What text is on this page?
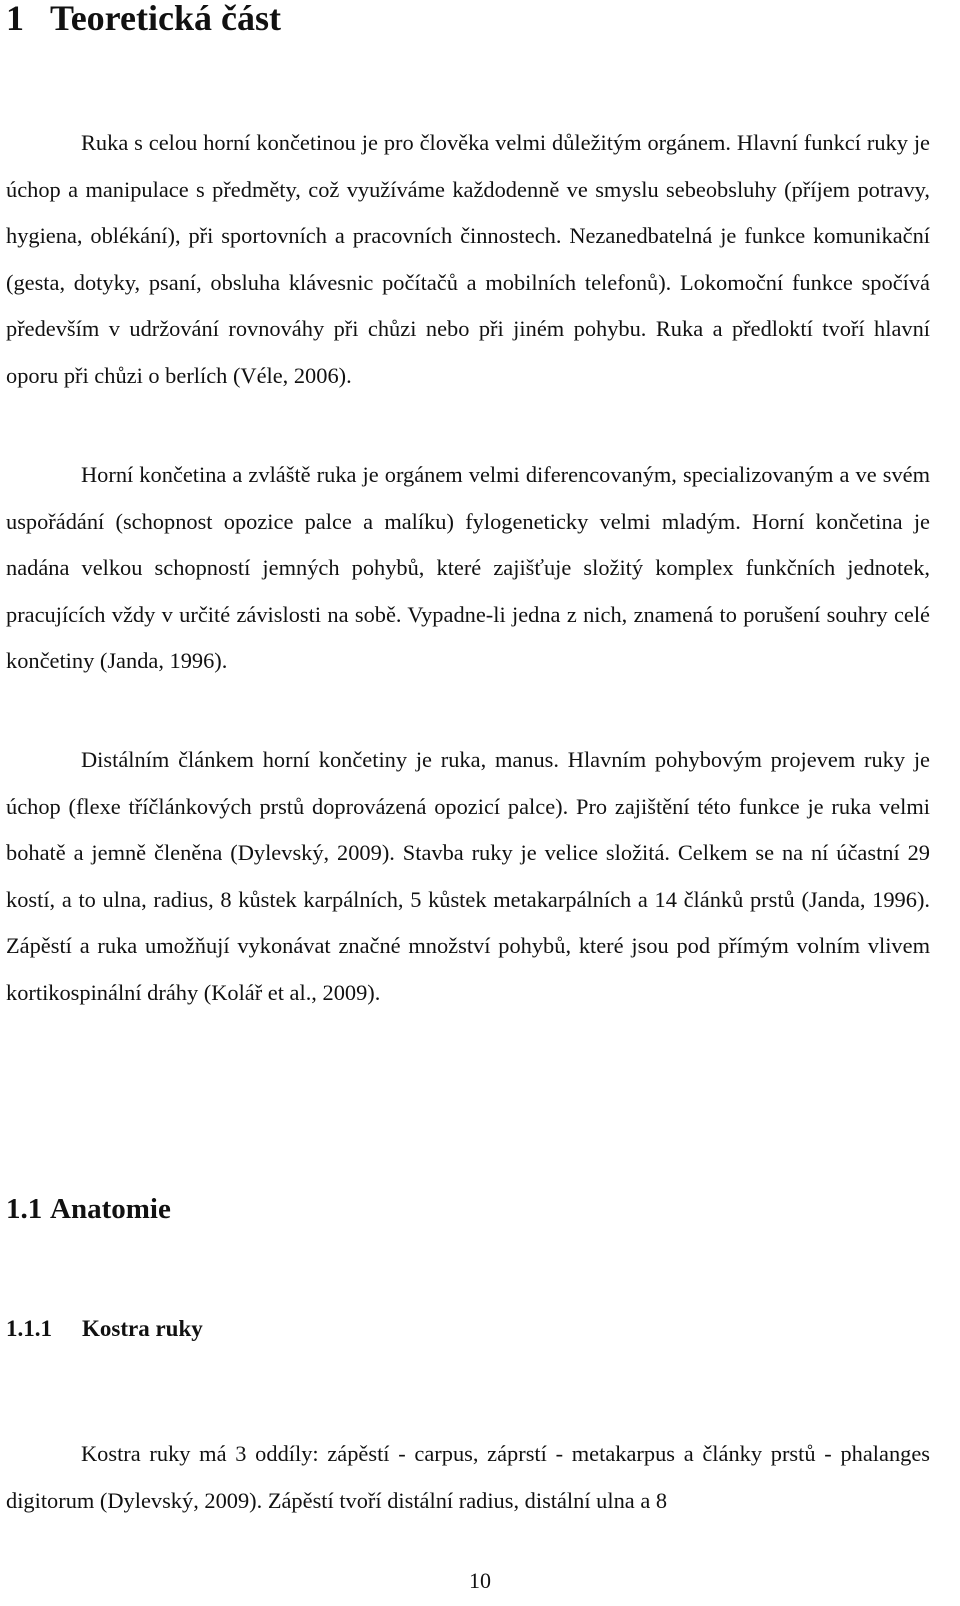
1 Teoretická část

Ruka s celou horní končetinou je pro člověka velmi důležitým orgánem. Hlavní funkcí ruky je úchop a manipulace s předměty, což využíváme každodenně ve smyslu sebeobsluhy (příjem potravy, hygiena, oblékání), při sportovních a pracovních činnostech. Nezanedbatelná je funkce komunikační (gesta, dotyky, psaní, obsluha klávesnic počítačů a mobilních telefonů). Lokomoční funkce spočívá především v udržování rovnováhy při chůzi nebo při jiném pohybu. Ruka a předloktí tvoří hlavní oporu při chůzi o berlích (Véle, 2006).

Horní končetina a zvláště ruka je orgánem velmi diferencovaným, specializovaným a ve svém uspořádání (schopnost opozice palce a malíku) fylogeneticky velmi mladým. Horní končetina je nadána velkou schopností jemných pohybů, které zajišťuje složitý komplex funkčních jednotek, pracujících vždy v určité závislosti na sobě. Vypadne-li jedna z nich, znamená to porušení souhry celé končetiny (Janda, 1996).

Distálním článkem horní končetiny je ruka, manus. Hlavním pohybovým projevem ruky je úchop (flexe tříčlánkových prstů doprovázená opozicí palce). Pro zajištění této funkce je ruka velmi bohatě a jemně členěna (Dylevský, 2009). Stavba ruky je velice složitá. Celkem se na ní účastní 29 kostí, a to ulna, radius, 8 kůstek karpálních, 5 kůstek metakarpálních a 14 článků prstů (Janda, 1996). Zápěstí a ruka umožňují vykonávat značné množství pohybů, které jsou pod přímým volním vlivem kortikospinální dráhy (Kolář et al., 2009).

1.1 Anatomie
1.1.1 Kostra ruky

Kostra ruky má 3 oddíly: zápěstí - carpus, záprstí - metakarpus a články prstů - phalanges digitorum (Dylevský, 2009). Zápěstí tvoří distální radius, distální ulna a 8

10
